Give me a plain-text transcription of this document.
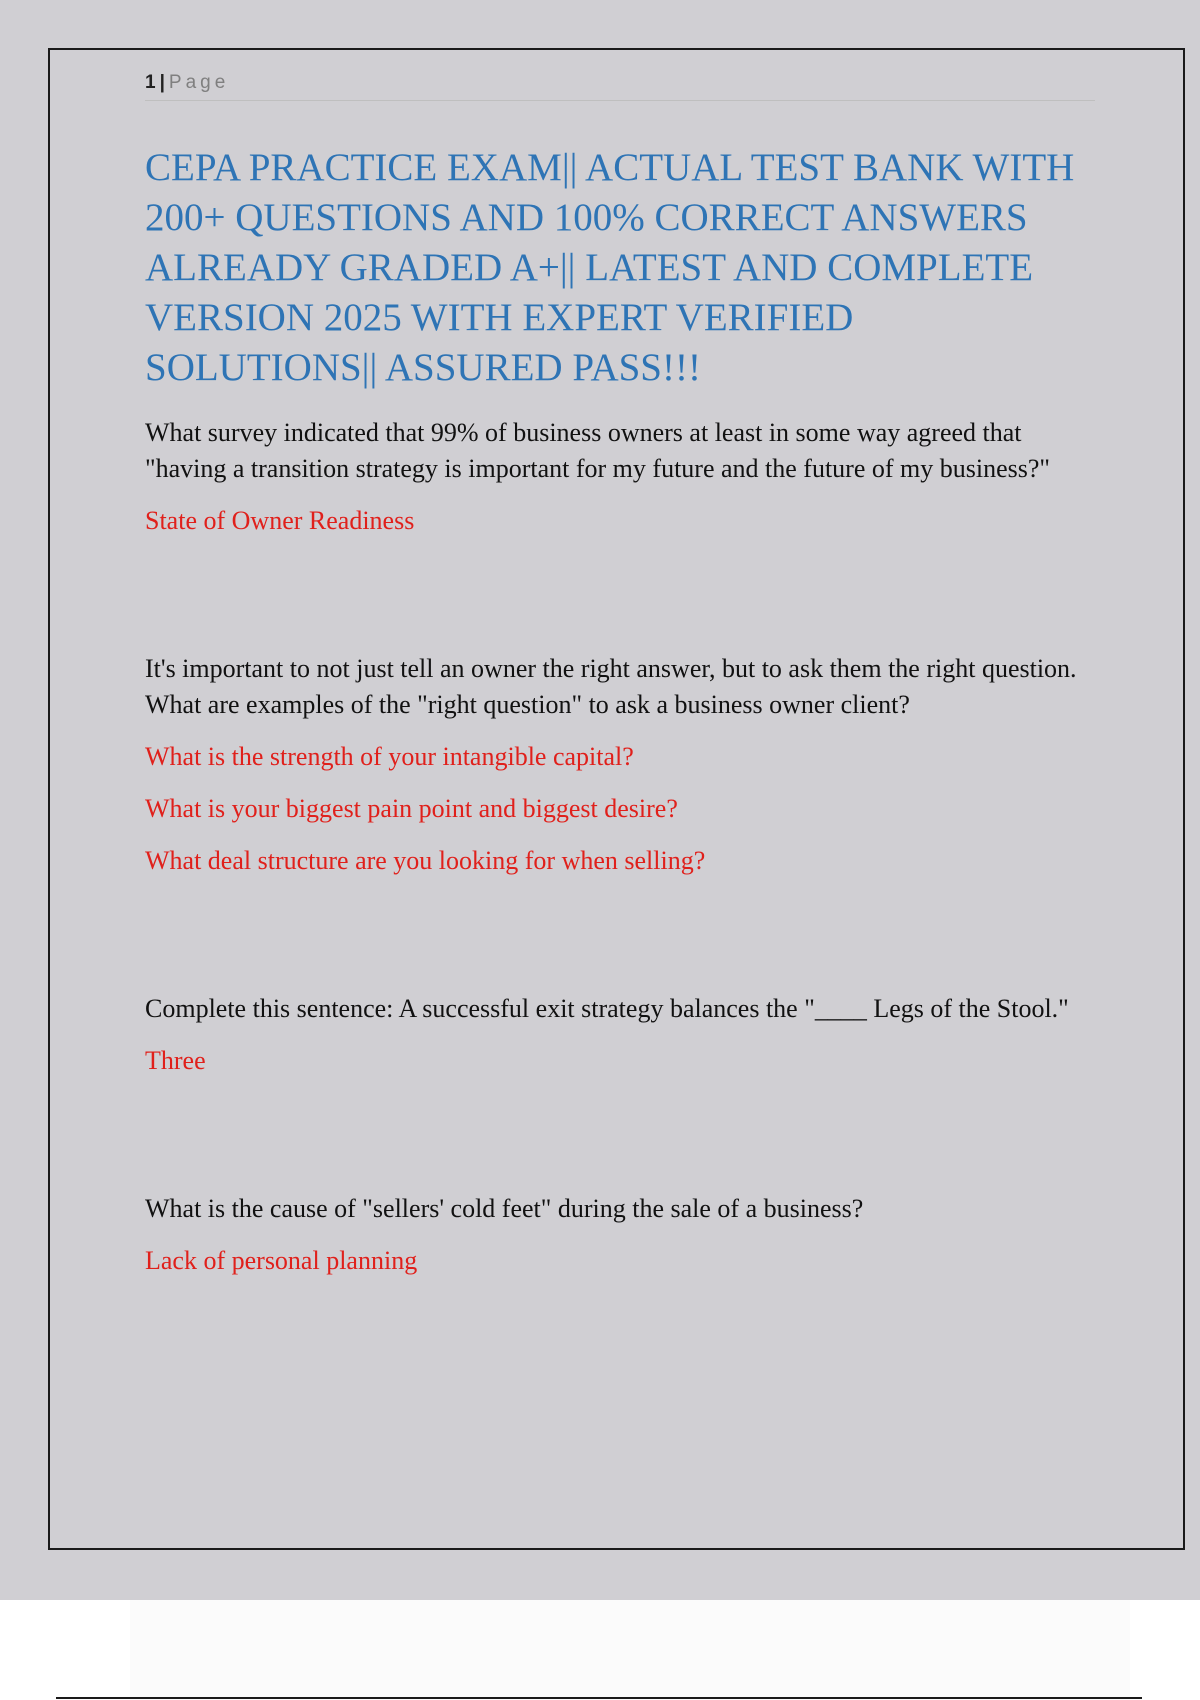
1 | Page
CEPA PRACTICE EXAM|| ACTUAL TEST BANK WITH 200+ QUESTIONS AND 100% CORRECT ANSWERS ALREADY GRADED A+|| LATEST AND COMPLETE VERSION 2025 WITH EXPERT VERIFIED SOLUTIONS|| ASSURED PASS!!!

What survey indicated that 99% of business owners at least in some way agreed that "having a transition strategy is important for my future and the future of my business?"

State of Owner Readiness

It's important to not just tell an owner the right answer, but to ask them the right question. What are examples of the "right question" to ask a business owner client?

What is the strength of your intangible capital?

What is your biggest pain point and biggest desire?

What deal structure are you looking for when selling?

Complete this sentence: A successful exit strategy balances the "____ Legs of the Stool."

Three

What is the cause of "sellers' cold feet" during the sale of a business?

Lack of personal planning
